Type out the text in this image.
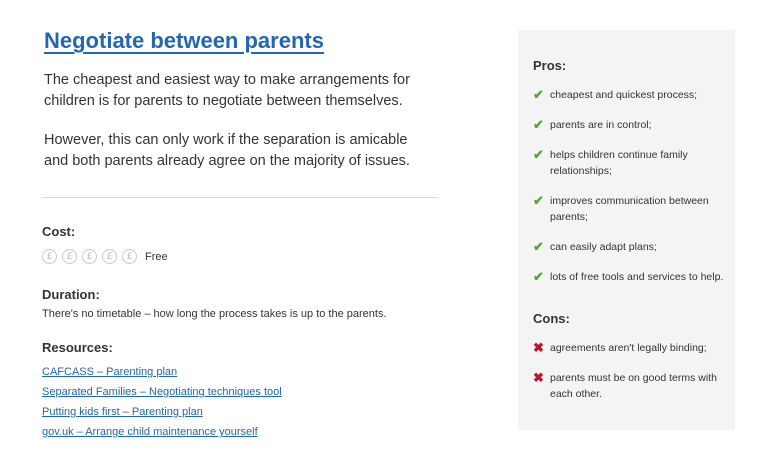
Negotiate between parents

The cheapest and easiest way to make arrangements for children is for parents to negotiate between themselves.

However, this can only work if the separation is amicable and both parents already agree on the majority of issues.

Cost:
£	£	£	£	£	Free
Duration:

There's no timetable – how long the process takes is up to the parents.

Resources:
CAFCASS – Parenting plan
Separated Families – Negotiating techniques tool
Putting kids first – Parenting plan
gov.uk – Arrange child maintenance yourself
Pros:
✔ cheapest and quickest process;
✔ parents are in control;
✔ helps children continue family relationships;
✔ improves communication between parents;
✔ can easily adapt plans;
✔ lots of free tools and services to help.
Cons:
✖ agreements aren't legally binding;
✖ parents must be on good terms with each other.
